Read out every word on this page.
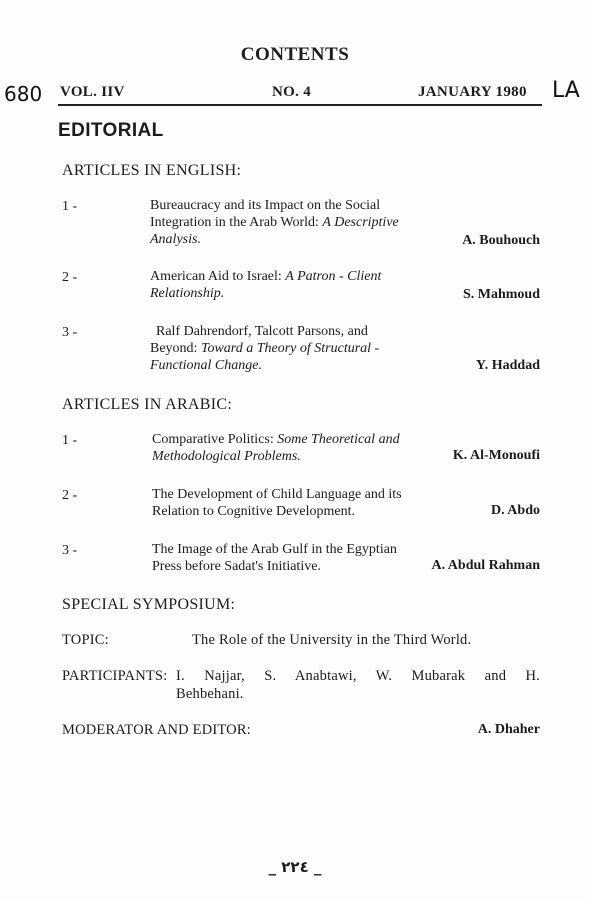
CONTENTS
680	LA
VOL. IIV	NO. 4	JANUARY 1980
EDITORIAL
ARTICLES IN ENGLISH:
1 -	Bureaucracy and its Impact on the Social
Integration in the Arab World: A Descriptive
Analysis.	A. Bouhouch
2 -	American Aid to Israel: A Patron - Client
Relationship.	S. Mahmoud
3 -	Ralf Dahrendorf, Talcott Parsons, and
Beyond: Toward a Theory of Structural -
Functional Change.	Y. Haddad
ARTICLES IN ARABIC:
1 -	Comparative Politics: Some Theoretical and
Methodological Problems.	K. Al-Monoufi
2 -	The Development of Child Language and its
Relation to Cognitive Development.	D. Abdo
3 -	The Image of the Arab Gulf in the Egyptian
Press before Sadat's Initiative.	A. Abdul Rahman
SPECIAL SYMPOSIUM:
TOPIC:	The Role of the University in the Third World.
PARTICIPANTS: I. Najjar, S. Anabtawi, W. Mubarak and H.
Behbehani.
MODERATOR AND EDITOR:	A. Dhaher
_ ٢٢٤ _
